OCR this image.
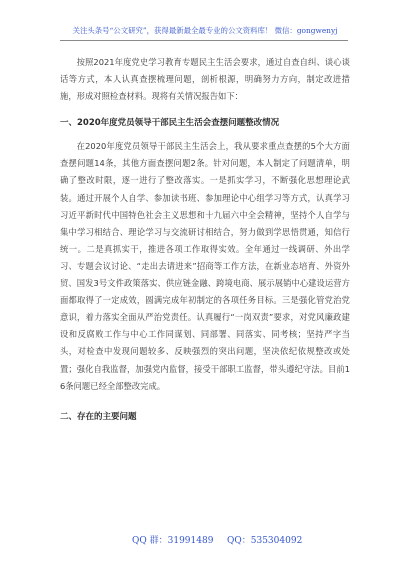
关注头条号“公文研究”，获得最新最全最专业的公文资料库！ 微信：gongwenyj

按照2021年度党史学习教育专题民主生活会要求，通过自查自纠、谈心谈话等方式，本人认真查摆梳理问题，剖析根源，明确努力方向，制定改进措施，形成对照检查材料。现将有关情况报告如下：

一、2020年度党员领导干部民主生活会查摆问题整改情况

在2020年度党员领导干部民主生活会上，我从要求重点查摆的5个大方面查摆问题14条，其他方面查摆问题2条。针对问题，本人制定了问题清单，明确了整改时限，逐一进行了整改落实。一是抓实学习，不断强化思想理论武装。通过开展个人自学、参加读书班、参加理论中心组学习等方式，认真学习习近平新时代中国特色社会主义思想和十九届六中全会精神，坚持个人自学与集中学习相结合、理论学习与交流研讨相结合，努力做到学思悟贯通，知信行统一。二是真抓实干，推进各项工作取得实效。全年通过一线调研、外出学习、专题会议讨论、“走出去请进来”招商等工作方法，在新业态培育、外资外贸、国发3号文件政策落实、供应链金融、跨境电商、展示展销中心建设运营方面都取得了一定成效，圆满完成年初制定的各项任务目标。三是强化管党治党意识，着力落实全面从严治党责任。认真履行“一岗双责”要求，对党风廉政建设和反腐败工作与中心工作同谋划、同部署、同落实、同考核；坚持严字当头，对检查中发现问题较多、反映强烈的突出问题，坚决依纪依规整改或处置；强化自我监督，加强党内监督，接受干部职工监督，带头遵纪守法。目前16条问题已经全部整改完成。

二、存在的主要问题

QQ 群：31991489 QQ：535304092
